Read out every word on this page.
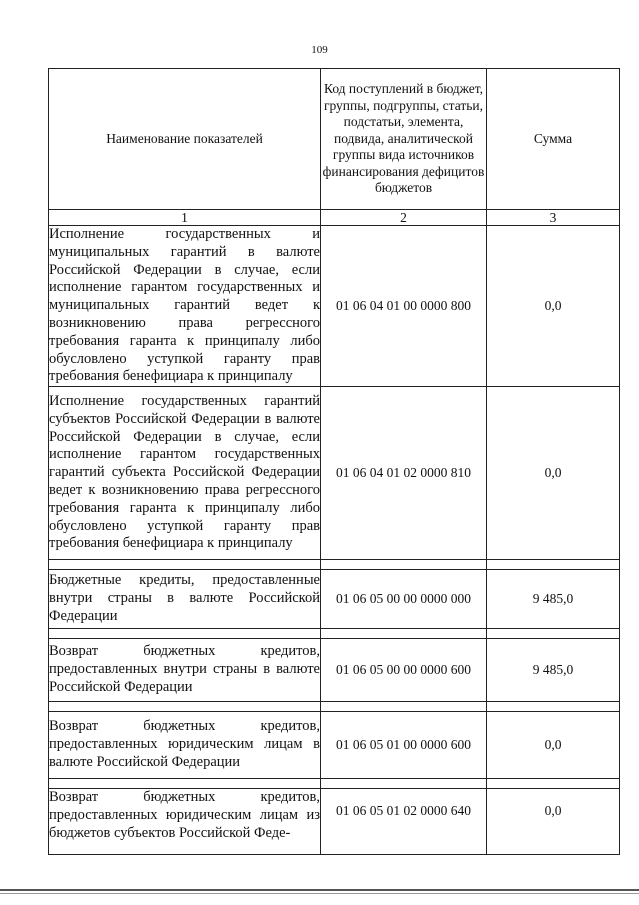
109
Наименование показателей	Код поступлений в бюджет, группы, подгруппы, статьи, подстатьи, элемента, подвида, аналитической группы вида источников финансирования дефицитов бюджетов	Сумма
1	2	3
Исполнение государственных и муниципальных гарантий в валюте Российской Федерации в случае, если исполнение гарантом государственных и муниципальных гарантий ведет к возникновению права регрессного требования гаранта к принципалу либо обусловлено уступкой гаранту прав требования бенефициара к принципалу	01 06 04 01 00 0000 800	0,0
Исполнение государственных гарантий субъектов Российской Федерации в валюте Российской Федерации в случае, если исполнение гарантом государственных гарантий субъекта Российской Федерации ведет к возникновению права регрессного требования гаранта к принципалу либо обусловлено уступкой гаранту прав требования бенефициара к принципалу	01 06 04 01 02 0000 810	0,0

Бюджетные кредиты, предоставленные внутри страны в валюте Российской Федерации	01 06 05 00 00 0000 000	9 485,0

Возврат бюджетных кредитов, предоставленных внутри страны в валюте Российской Федерации	01 06 05 00 00 0000 600	9 485,0

Возврат бюджетных кредитов, предоставленных юридическим лицам в валюте Российской Федерации	01 06 05 01 00 0000 600	0,0

Возврат бюджетных кредитов, предоставленных юридическим лицам из бюджетов субъектов Российской Феде-	01 06 05 01 02 0000 640	0,0
